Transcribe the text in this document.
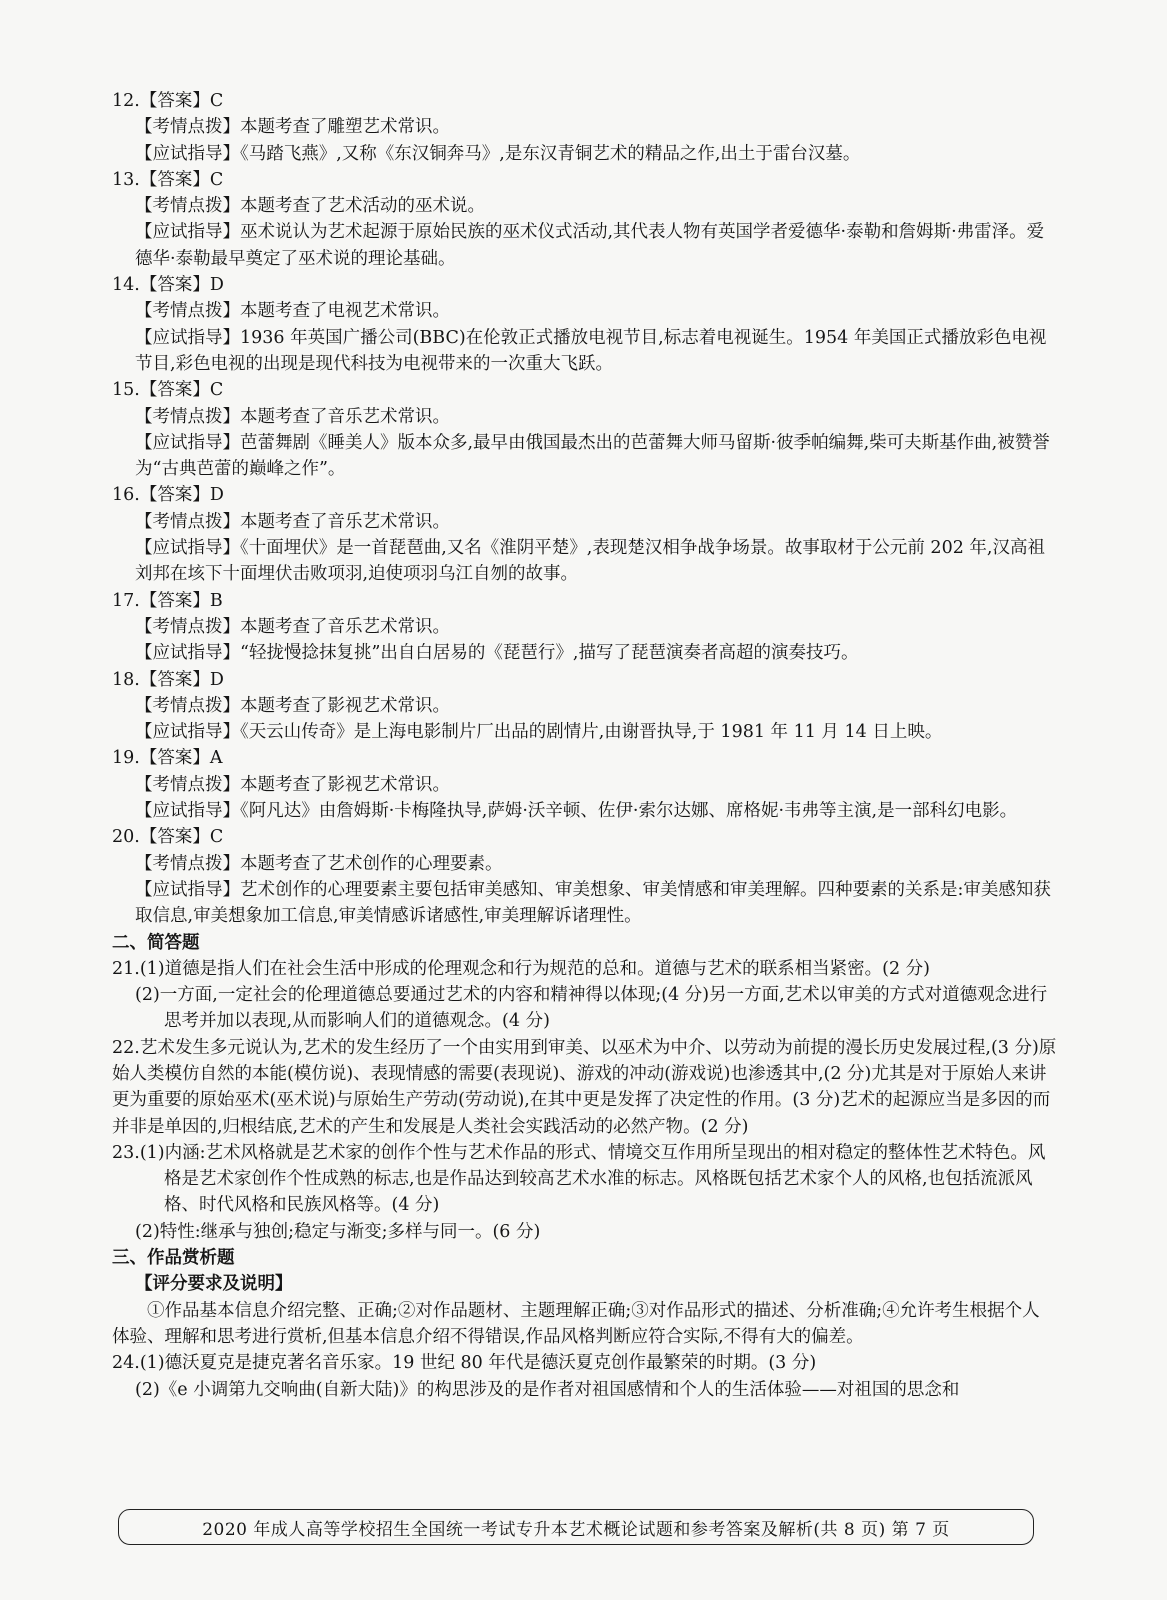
12.【答案】C
【考情点拨】本题考查了雕塑艺术常识。
【应试指导】《马踏飞燕》,又称《东汉铜奔马》,是东汉青铜艺术的精品之作,出土于雷台汉墓。
13.【答案】C
【考情点拨】本题考查了艺术活动的巫术说。
【应试指导】巫术说认为艺术起源于原始民族的巫术仪式活动,其代表人物有英国学者爱德华·泰勒和詹姆斯·弗雷泽。爱德华·泰勒最早奠定了巫术说的理论基础。
14.【答案】D
【考情点拨】本题考查了电视艺术常识。
【应试指导】1936 年英国广播公司(BBC)在伦敦正式播放电视节目,标志着电视诞生。1954 年美国正式播放彩色电视节目,彩色电视的出现是现代科技为电视带来的一次重大飞跃。
15.【答案】C
【考情点拨】本题考查了音乐艺术常识。
【应试指导】芭蕾舞剧《睡美人》版本众多,最早由俄国最杰出的芭蕾舞大师马留斯·彼季帕编舞,柴可夫斯基作曲,被赞誉为“古典芭蕾的巅峰之作”。
16.【答案】D
【考情点拨】本题考查了音乐艺术常识。
【应试指导】《十面埋伏》是一首琵琶曲,又名《淮阴平楚》,表现楚汉相争战争场景。故事取材于公元前 202 年,汉高祖刘邦在垓下十面埋伏击败项羽,迫使项羽乌江自刎的故事。
17.【答案】B
【考情点拨】本题考查了音乐艺术常识。
【应试指导】“轻拢慢捻抹复挑”出自白居易的《琵琶行》,描写了琵琶演奏者高超的演奏技巧。
18.【答案】D
【考情点拨】本题考查了影视艺术常识。
【应试指导】《天云山传奇》是上海电影制片厂出品的剧情片,由谢晋执导,于 1981 年 11 月 14 日上映。
19.【答案】A
【考情点拨】本题考查了影视艺术常识。
【应试指导】《阿凡达》由詹姆斯·卡梅隆执导,萨姆·沃辛顿、佐伊·索尔达娜、席格妮·韦弗等主演,是一部科幻电影。
20.【答案】C
【考情点拨】本题考查了艺术创作的心理要素。
【应试指导】艺术创作的心理要素主要包括审美感知、审美想象、审美情感和审美理解。四种要素的关系是:审美感知获取信息,审美想象加工信息,审美情感诉诸感性,审美理解诉诸理性。
二、简答题
21.(1)道德是指人们在社会生活中形成的伦理观念和行为规范的总和。道德与艺术的联系相当紧密。(2 分)
(2)一方面,一定社会的伦理道德总要通过艺术的内容和精神得以体现;(4 分)另一方面,艺术以审美的方式对道德观念进行思考并加以表现,从而影响人们的道德观念。(4 分)
22.艺术发生多元说认为,艺术的发生经历了一个由实用到审美、以巫术为中介、以劳动为前提的漫长历史发展过程,(3 分)原始人类模仿自然的本能(模仿说)、表现情感的需要(表现说)、游戏的冲动(游戏说)也渗透其中,(2 分)尤其是对于原始人来讲更为重要的原始巫术(巫术说)与原始生产劳动(劳动说),在其中更是发挥了决定性的作用。(3 分)艺术的起源应当是多因的而并非是单因的,归根结底,艺术的产生和发展是人类社会实践活动的必然产物。(2 分)
23.(1)内涵:艺术风格就是艺术家的创作个性与艺术作品的形式、情境交互作用所呈现出的相对稳定的整体性艺术特色。风格是艺术家创作个性成熟的标志,也是作品达到较高艺术水准的标志。风格既包括艺术家个人的风格,也包括流派风格、时代风格和民族风格等。(4 分)
(2)特性:继承与独创;稳定与渐变;多样与同一。(6 分)
三、作品赏析题
【评分要求及说明】
①作品基本信息介绍完整、正确;②对作品题材、主题理解正确;③对作品形式的描述、分析准确;④允许考生根据个人体验、理解和思考进行赏析,但基本信息介绍不得错误,作品风格判断应符合实际,不得有大的偏差。
24.(1)德沃夏克是捷克著名音乐家。19 世纪 80 年代是德沃夏克创作最繁荣的时期。(3 分)
(2)《e 小调第九交响曲(自新大陆)》的构思涉及的是作者对祖国感情和个人的生活体验——对祖国的思念和
2020 年成人高等学校招生全国统一考试专升本艺术概论试题和参考答案及解析(共 8 页) 第 7 页
